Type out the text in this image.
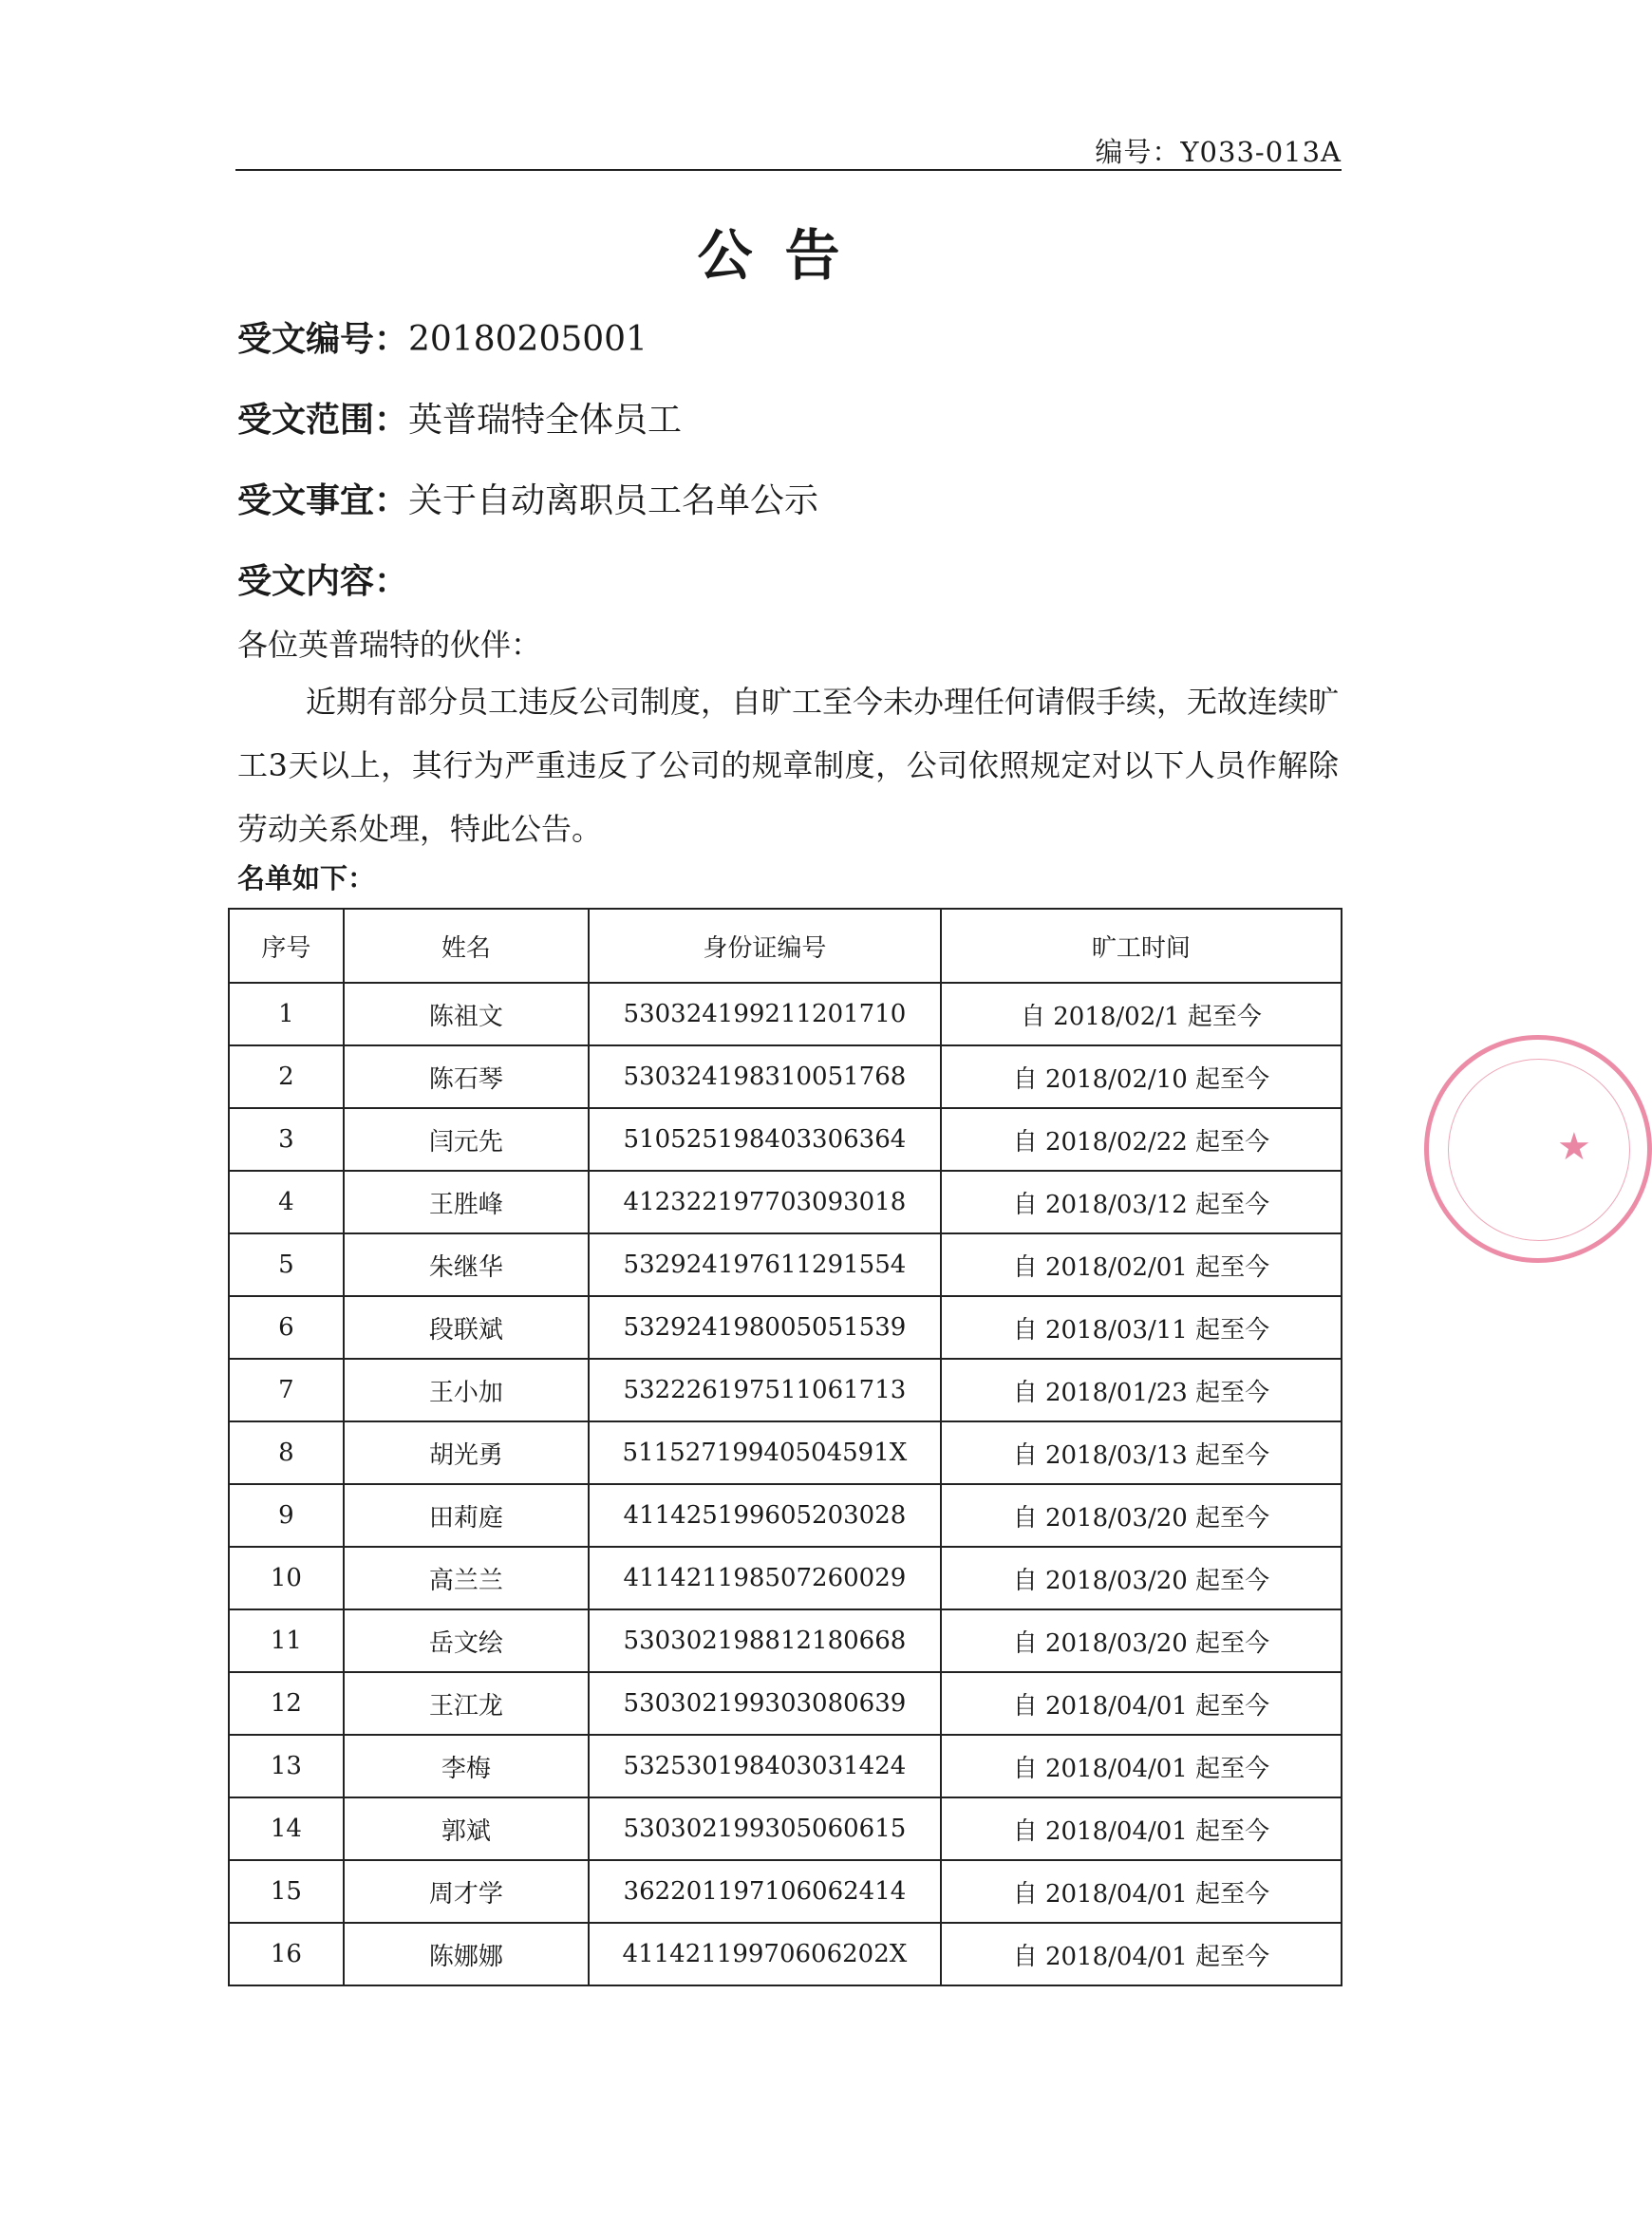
编号：Y033-013A
公告
受文编号：20180205001
受文范围：英普瑞特全体员工
受文事宜：关于自动离职员工名单公示
受文内容：
各位英普瑞特的伙伴：
近期有部分员工违反公司制度，自旷工至今未办理任何请假手续，无故连续旷工3天以上，其行为严重违反了公司的规章制度，公司依照规定对以下人员作解除劳动关系处理，特此公告。
名单如下：
序号	姓名	身份证编号	旷工时间
1	陈祖文	530324199211201710	自 2018/02/1 起至今
2	陈石琴	530324198310051768	自 2018/02/10 起至今
3	闫元先	510525198403306364	自 2018/02/22 起至今
4	王胜峰	412322197703093018	自 2018/03/12 起至今
5	朱继华	532924197611291554	自 2018/02/01 起至今
6	段联斌	532924198005051539	自 2018/03/11 起至今
7	王小加	532226197511061713	自 2018/01/23 起至今
8	胡光勇	51152719940504591X	自 2018/03/13 起至今
9	田莉庭	411425199605203028	自 2018/03/20 起至今
10	高兰兰	411421198507260029	自 2018/03/20 起至今
11	岳文绘	530302198812180668	自 2018/03/20 起至今
12	王江龙	530302199303080639	自 2018/04/01 起至今
13	李梅	532530198403031424	自 2018/04/01 起至今
14	郭斌	530302199305060615	自 2018/04/01 起至今
15	周才学	362201197106062414	自 2018/04/01 起至今
16	陈娜娜	41142119970606202X	自 2018/04/01 起至今
★
